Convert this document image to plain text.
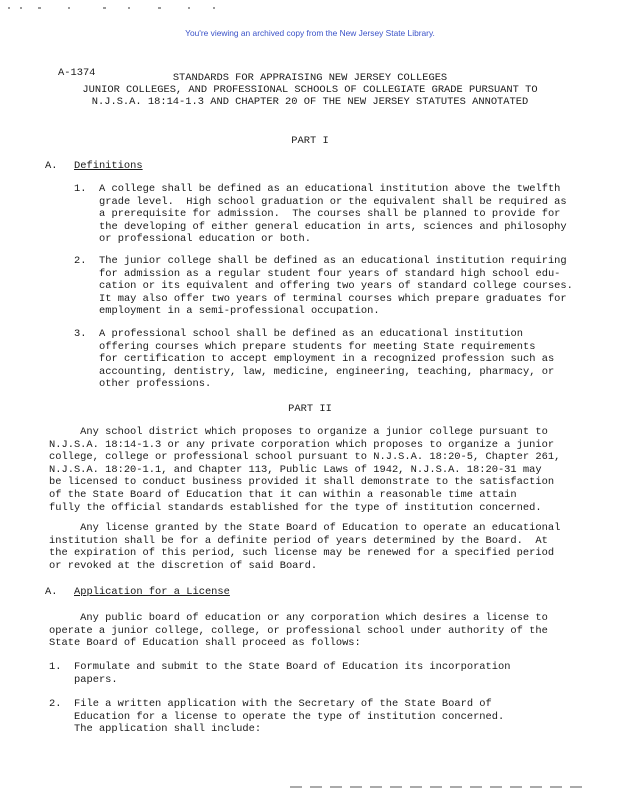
You're viewing an archived copy from the New Jersey State Library.
A-1374	STANDARDS FOR APPRAISING NEW JERSEY COLLEGES
JUNIOR COLLEGES, AND PROFESSIONAL SCHOOLS OF COLLEGIATE GRADE PURSUANT TO
N.J.S.A. 18:14-1.3 AND CHAPTER 20 OF THE NEW JERSEY STATUTES ANNOTATED
PART I
A. Definitions
1. A college shall be defined as an educational institution above the twelfth
grade level.  High school graduation or the equivalent shall be required as
a prerequisite for admission.  The courses shall be planned to provide for
the developing of either general education in arts, sciences and philosophy
or professional education or both.
2. The junior college shall be defined as an educational institution requiring
for admission as a regular student four years of standard high school edu-
cation or its equivalent and offering two years of standard college courses.
It may also offer two years of terminal courses which prepare graduates for
employment in a semi-professional occupation.
3. A professional school shall be defined as an educational institution
offering courses which prepare students for meeting State requirements
for certification to accept employment in a recognized profession such as
accounting, dentistry, law, medicine, engineering, teaching, pharmacy, or
other professions.
PART II
Any school district which proposes to organize a junior college pursuant to
N.J.S.A. 18:14-1.3 or any private corporation which proposes to organize a junior
college, college or professional school pursuant to N.J.S.A. 18:20-5, Chapter 261,
N.J.S.A. 18:20-1.1, and Chapter 113, Public Laws of 1942, N.J.S.A. 18:20-31 may
be licensed to conduct business provided it shall demonstrate to the satisfaction
of the State Board of Education that it can within a reasonable time attain
fully the official standards established for the type of institution concerned.
Any license granted by the State Board of Education to operate an educational
institution shall be for a definite period of years determined by the Board.  At
the expiration of this period, such license may be renewed for a specified period
or revoked at the discretion of said Board.
A. Application for a License
Any public board of education or any corporation which desires a license to
operate a junior college, college, or professional school under authority of the
State Board of Education shall proceed as follows:
1. Formulate and submit to the State Board of Education its incorporation
papers.
2. File a written application with the Secretary of the State Board of
Education for a license to operate the type of institution concerned.
The application shall include:
